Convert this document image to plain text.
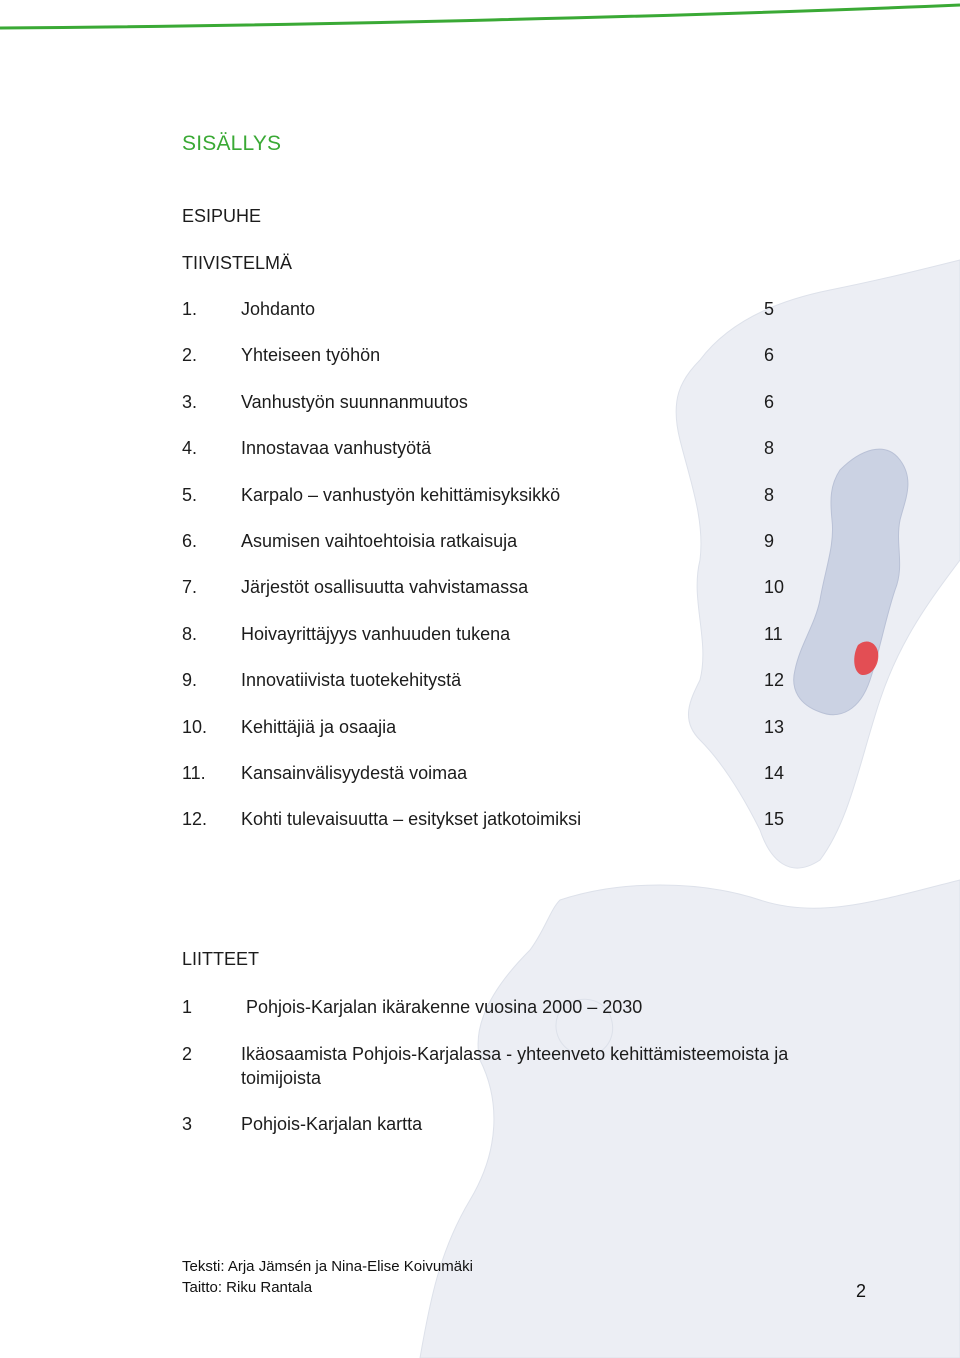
SISÄLLYS
ESIPUHE
TIIVISTELMÄ
1. Johdanto	5
2. Yhteiseen työhön	6
3. Vanhustyön suunnanmuutos	6
4. Innostavaa vanhustyötä	8
5. Karpalo – vanhustyön kehittämisyksikkö	8
6. Asumisen vaihtoehtoisia ratkaisuja	9
7. Järjestöt osallisuutta vahvistamassa	10
8. Hoivayrittäjyys vanhuuden tukena	11
9. Innovatiivista tuotekehitystä	12
10. Kehittäjiä ja osaajia	13
11. Kansainvälisyydestä voimaa	14
12. Kohti tulevaisuutta – esitykset jatkotoimiksi	15
LIITTEET
1	Pohjois-Karjalan ikärakenne vuosina 2000 – 2030
2	Ikäosaamista Pohjois-Karjalassa - yhteenveto kehittämisteemoista ja toimijoista
3	Pohjois-Karjalan kartta
Teksti: Arja Jämsén ja Nina-Elise Koivumäki
Taitto: Riku Rantala	2
